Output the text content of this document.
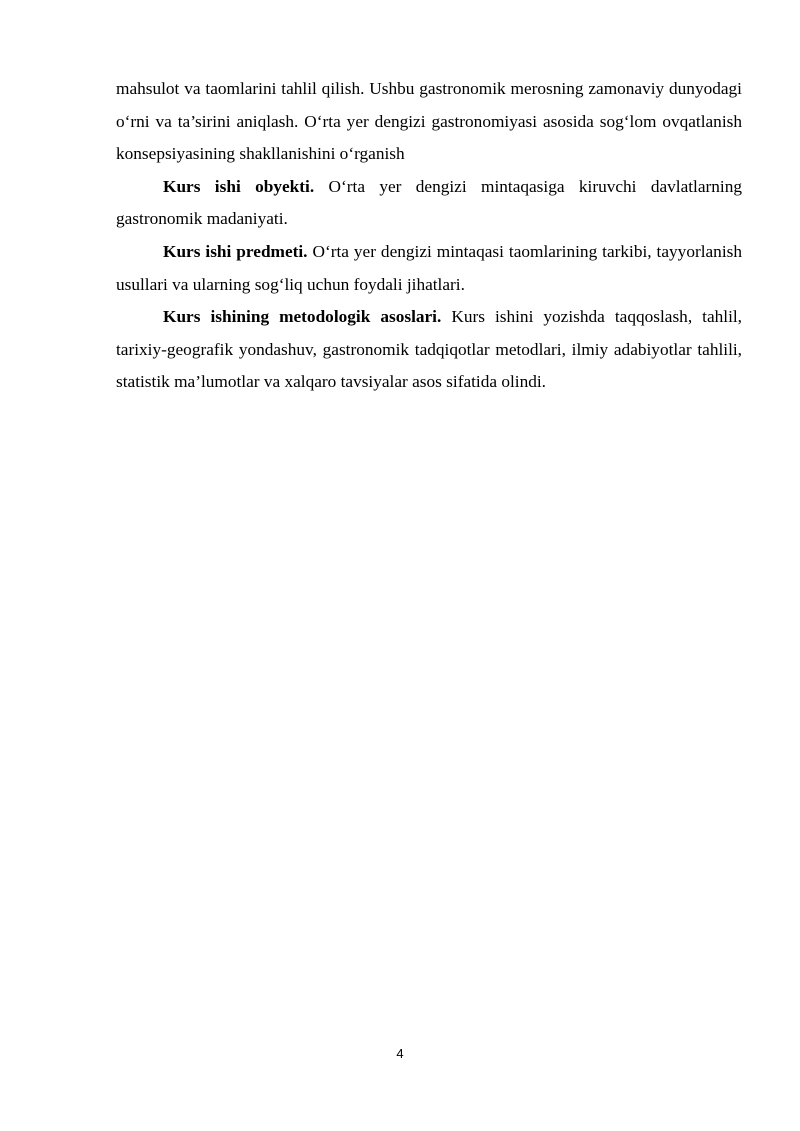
mahsulot va taomlarini tahlil qilish. Ushbu gastronomik merosning zamonaviy dunyodagi o‘rni va ta’sirini aniqlash. O‘rta yer dengizi gastronomiyasi asosida sog‘lom ovqatlanish konsepsiyasining shakllanishini o‘rganish

Kurs ishi obyekti. O‘rta yer dengizi mintaqasiga kiruvchi davlatlarning gastronomik madaniyati.

Kurs ishi predmeti. O‘rta yer dengizi mintaqasi taomlarining tarkibi, tayyorlanish usullari va ularning sog‘liq uchun foydali jihatlari.

Kurs ishining metodologik asoslari. Kurs ishini yozishda taqqoslash, tahlil, tarixiy-geografik yondashuv, gastronomik tadqiqotlar metodlari, ilmiy adabiyotlar tahlili, statistik ma’lumotlar va xalqaro tavsiyalar asos sifatida olindi.

4
